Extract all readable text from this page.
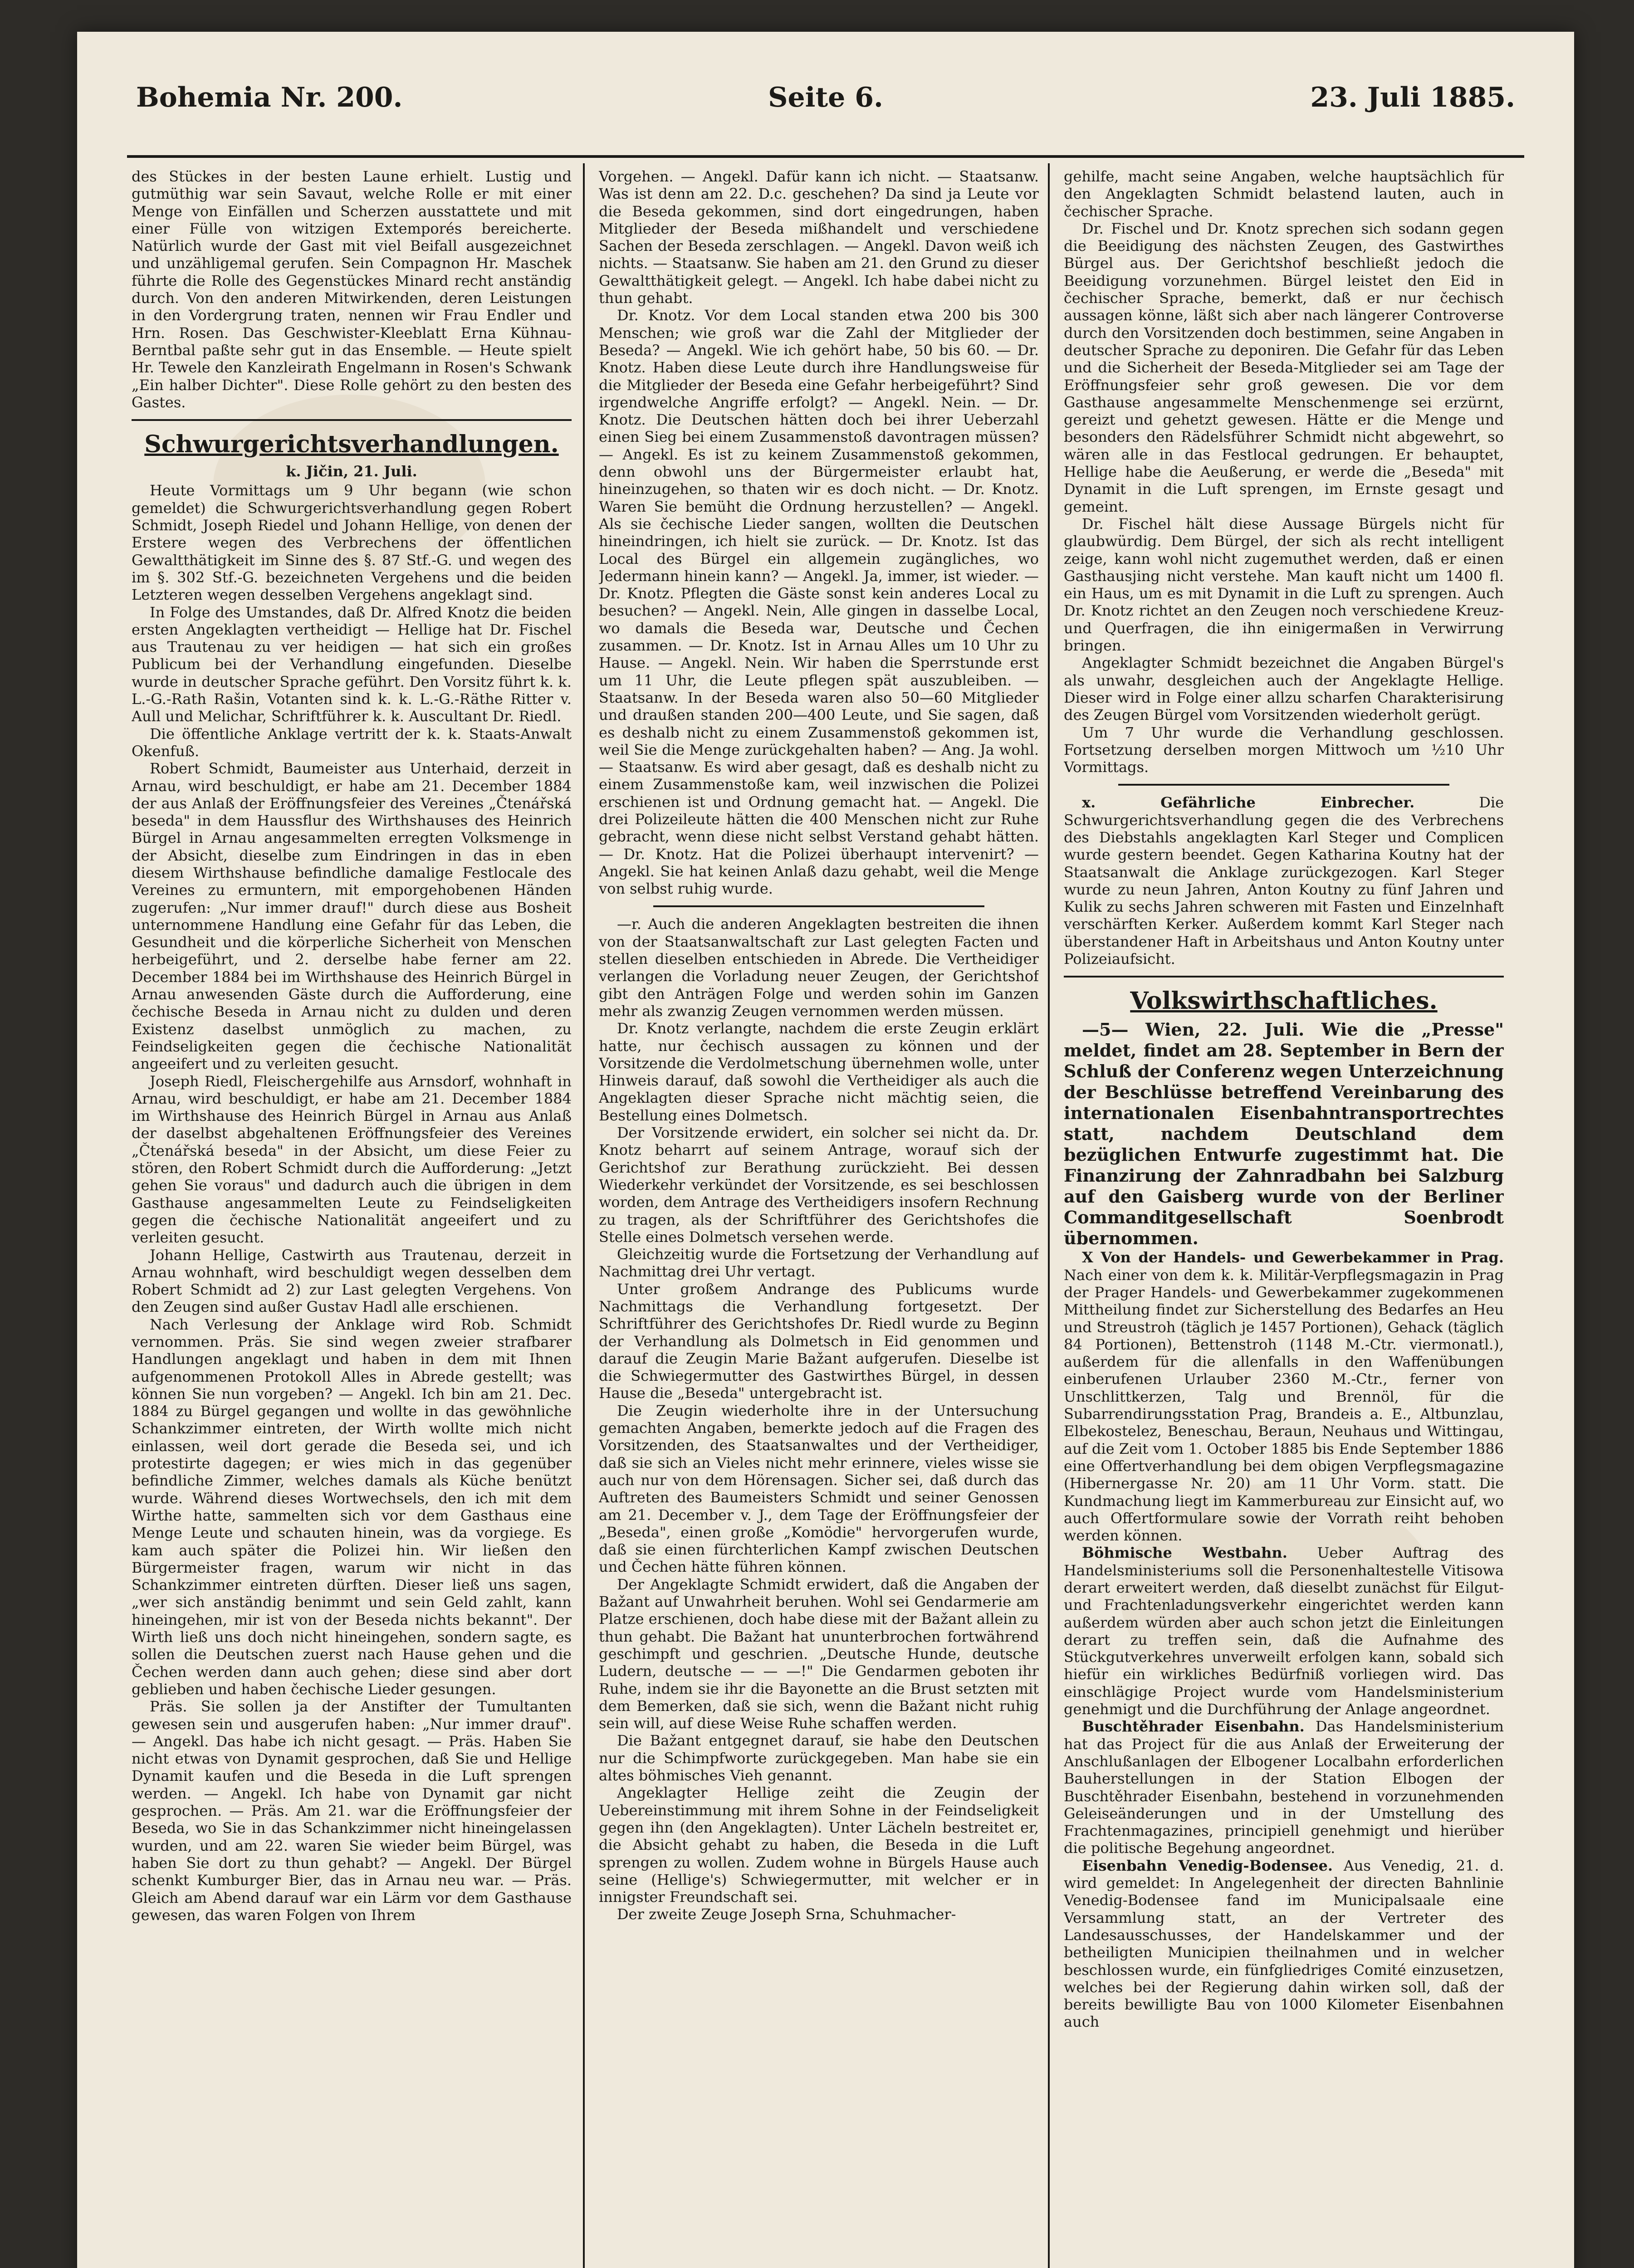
Bohemia Nr. 200.	Seite 6.	23. Juli 1885.

des Stückes in der besten Laune erhielt. Lustig und gutmüthig war sein Savaut, welche Rolle er mit einer Menge von Einfällen und Scherzen ausstattete und mit einer Fülle von witzigen Extemporés bereicherte. Natürlich wurde der Gast mit viel Beifall ausgezeichnet und unzähligemal gerufen. Sein Compagnon Hr. Maschek führte die Rolle des Gegenstückes Minard recht anständig durch. Von den anderen Mitwirkenden, deren Leistungen in den Vordergrung traten, nennen wir Frau Endler und Hrn. Rosen. Das Geschwister-Kleeblatt Erna Kühnau-Berntbal paßte sehr gut in das Ensemble. — Heute spielt Hr. Tewele den Kanzleirath Engelmann in Rosen's Schwank „Ein halber Dichter". Diese Rolle gehört zu den besten des Gastes.

Schwurgerichtsverhandlungen.
k. Jičin, 21. Juli.

Heute Vormittags um 9 Uhr begann (wie schon gemeldet) die Schwurgerichtsverhandlung gegen Robert Schmidt, Joseph Riedel und Johann Hellige, von denen der Erstere wegen des Verbrechens der öffentlichen Gewaltthätigkeit im Sinne des §. 87 Stf.-G. und wegen des im §. 302 Stf.-G. bezeichneten Vergehens und die beiden Letzteren wegen desselben Vergehens angeklagt sind.

In Folge des Umstandes, daß Dr. Alfred Knotz die beiden ersten Angeklagten vertheidigt — Hellige hat Dr. Fischel aus Trautenau zu ver heidigen — hat sich ein großes Publicum bei der Verhandlung eingefunden. Dieselbe wurde in deutscher Sprache geführt. Den Vorsitz führt k. k. L.-G.-Rath Rašin, Votanten sind k. k. L.-G.-Räthe Ritter v. Aull und Melichar, Schriftführer k. k. Auscultant Dr. Riedl.

Die öffentliche Anklage vertritt der k. k. Staats-Anwalt Okenfuß.

Robert Schmidt, Baumeister aus Unterhaid, derzeit in Arnau, wird beschuldigt, er habe am 21. December 1884 der aus Anlaß der Eröffnungsfeier des Vereines „Čtenářská beseda" in dem Haussflur des Wirthshauses des Heinrich Bürgel in Arnau angesammelten erregten Volksmenge in der Absicht, dieselbe zum Eindringen in das in eben diesem Wirthshause befindliche damalige Festlocale des Vereines zu ermuntern, mit emporgehobenen Händen zugerufen: „Nur immer drauf!" durch diese aus Bosheit unternommene Handlung eine Gefahr für das Leben, die Gesundheit und die körperliche Sicherheit von Menschen herbeigeführt, und 2. derselbe habe ferner am 22. December 1884 bei im Wirthshause des Heinrich Bürgel in Arnau anwesenden Gäste durch die Aufforderung, eine čechische Beseda in Arnau nicht zu dulden und deren Existenz daselbst unmöglich zu machen, zu Feindseligkeiten gegen die čechische Nationalität angeeifert und zu verleiten gesucht.

Joseph Riedl, Fleischergehilfe aus Arnsdorf, wohnhaft in Arnau, wird beschuldigt, er habe am 21. December 1884 im Wirthshause des Heinrich Bürgel in Arnau aus Anlaß der daselbst abgehaltenen Eröffnungsfeier des Vereines „Čtenářská beseda" in der Absicht, um diese Feier zu stören, den Robert Schmidt durch die Aufforderung: „Jetzt gehen Sie voraus" und dadurch auch die übrigen in dem Gasthause angesammelten Leute zu Feindseligkeiten gegen die čechische Nationalität angeeifert und zu verleiten gesucht.

Johann Hellige, Castwirth aus Trautenau, derzeit in Arnau wohnhaft, wird beschuldigt wegen desselben dem Robert Schmidt ad 2) zur Last gelegten Vergehens. Von den Zeugen sind außer Gustav Hadl alle erschienen.

Nach Verlesung der Anklage wird Rob. Schmidt vernommen. Präs. Sie sind wegen zweier strafbarer Handlungen angeklagt und haben in dem mit Ihnen aufgenommenen Protokoll Alles in Abrede gestellt; was können Sie nun vorgeben? — Angekl. Ich bin am 21. Dec. 1884 zu Bürgel gegangen und wollte in das gewöhnliche Schankzimmer eintreten, der Wirth wollte mich nicht einlassen, weil dort gerade die Beseda sei, und ich protestirte dagegen; er wies mich in das gegenüber befindliche Zimmer, welches damals als Küche benützt wurde. Während dieses Wortwechsels, den ich mit dem Wirthe hatte, sammelten sich vor dem Gasthaus eine Menge Leute und schauten hinein, was da vorgiege. Es kam auch später die Polizei hin. Wir ließen den Bürgermeister fragen, warum wir nicht in das Schankzimmer eintreten dürften. Dieser ließ uns sagen, „wer sich anständig benimmt und sein Geld zahlt, kann hineingehen, mir ist von der Beseda nichts bekannt". Der Wirth ließ uns doch nicht hineingehen, sondern sagte, es sollen die Deutschen zuerst nach Hause gehen und die Čechen werden dann auch gehen; diese sind aber dort geblieben und haben čechische Lieder gesungen.

Präs. Sie sollen ja der Anstifter der Tumultanten gewesen sein und ausgerufen haben: „Nur immer drauf". — Angekl. Das habe ich nicht gesagt. — Präs. Haben Sie nicht etwas von Dynamit gesprochen, daß Sie und Hellige Dynamit kaufen und die Beseda in die Luft sprengen werden. — Angekl. Ich habe von Dynamit gar nicht gesprochen. — Präs. Am 21. war die Eröffnungsfeier der Beseda, wo Sie in das Schankzimmer nicht hineingelassen wurden, und am 22. waren Sie wieder beim Bürgel, was haben Sie dort zu thun gehabt? — Angekl. Der Bürgel schenkt Kumburger Bier, das in Arnau neu war. — Präs. Gleich am Abend darauf war ein Lärm vor dem Gasthause gewesen, das waren Folgen von Ihrem

Vorgehen. — Angekl. Dafür kann ich nicht. — Staatsanw. Was ist denn am 22. D.c. geschehen? Da sind ja Leute vor die Beseda gekommen, sind dort eingedrungen, haben Mitglieder der Beseda mißhandelt und verschiedene Sachen der Beseda zerschlagen. — Angekl. Davon weiß ich nichts. — Staatsanw. Sie haben am 21. den Grund zu dieser Gewaltthätigkeit gelegt. — Angekl. Ich habe dabei nicht zu thun gehabt.

Dr. Knotz. Vor dem Local standen etwa 200 bis 300 Menschen; wie groß war die Zahl der Mitglieder der Beseda? — Angekl. Wie ich gehört habe, 50 bis 60. — Dr. Knotz. Haben diese Leute durch ihre Handlungsweise für die Mitglieder der Beseda eine Gefahr herbeigeführt? Sind irgendwelche Angriffe erfolgt? — Angekl. Nein. — Dr. Knotz. Die Deutschen hätten doch bei ihrer Ueberzahl einen Sieg bei einem Zusammenstoß davontragen müssen? — Angekl. Es ist zu keinem Zusammenstoß gekommen, denn obwohl uns der Bürgermeister erlaubt hat, hineinzugehen, so thaten wir es doch nicht. — Dr. Knotz. Waren Sie bemüht die Ordnung herzustellen? — Angekl. Als sie čechische Lieder sangen, wollten die Deutschen hineindringen, ich hielt sie zurück. — Dr. Knotz. Ist das Local des Bürgel ein allgemein zugängliches, wo Jedermann hinein kann? — Angekl. Ja, immer, ist wieder. — Dr. Knotz. Pflegten die Gäste sonst kein anderes Local zu besuchen? — Angekl. Nein, Alle gingen in dasselbe Local, wo damals die Beseda war, Deutsche und Čechen zusammen. — Dr. Knotz. Ist in Arnau Alles um 10 Uhr zu Hause. — Angekl. Nein. Wir haben die Sperrstunde erst um 11 Uhr, die Leute pflegen spät auszubleiben. — Staatsanw. In der Beseda waren also 50—60 Mitglieder und draußen standen 200—400 Leute, und Sie sagen, daß es deshalb nicht zu einem Zusammenstoß gekommen ist, weil Sie die Menge zurückgehalten haben? — Ang. Ja wohl. — Staatsanw. Es wird aber gesagt, daß es deshalb nicht zu einem Zusammenstoße kam, weil inzwischen die Polizei erschienen ist und Ordnung gemacht hat. — Angekl. Die drei Polizeileute hätten die 400 Menschen nicht zur Ruhe gebracht, wenn diese nicht selbst Verstand gehabt hätten. — Dr. Knotz. Hat die Polizei überhaupt intervenirt? — Angekl. Sie hat keinen Anlaß dazu gehabt, weil die Menge von selbst ruhig wurde.

—r. Auch die anderen Angeklagten bestreiten die ihnen von der Staatsanwaltschaft zur Last gelegten Facten und stellen dieselben entschieden in Abrede. Die Vertheidiger verlangen die Vorladung neuer Zeugen, der Gerichtshof gibt den Anträgen Folge und werden sohin im Ganzen mehr als zwanzig Zeugen vernommen werden müssen.

Dr. Knotz verlangte, nachdem die erste Zeugin erklärt hatte, nur čechisch aussagen zu können und der Vorsitzende die Verdolmetschung übernehmen wolle, unter Hinweis darauf, daß sowohl die Vertheidiger als auch die Angeklagten dieser Sprache nicht mächtig seien, die Bestellung eines Dolmetsch.

Der Vorsitzende erwidert, ein solcher sei nicht da. Dr. Knotz beharrt auf seinem Antrage, worauf sich der Gerichtshof zur Berathung zurückzieht. Bei dessen Wiederkehr verkündet der Vorsitzende, es sei beschlossen worden, dem Antrage des Vertheidigers insofern Rechnung zu tragen, als der Schriftführer des Gerichtshofes die Stelle eines Dolmetsch versehen werde.

Gleichzeitig wurde die Fortsetzung der Verhandlung auf Nachmittag drei Uhr vertagt.

Unter großem Andrange des Publicums wurde Nachmittags die Verhandlung fortgesetzt. Der Schriftführer des Gerichtshofes Dr. Riedl wurde zu Beginn der Verhandlung als Dolmetsch in Eid genommen und darauf die Zeugin Marie Bažant aufgerufen. Dieselbe ist die Schwiegermutter des Gastwirthes Bürgel, in dessen Hause die „Beseda" untergebracht ist.

Die Zeugin wiederholte ihre in der Untersuchung gemachten Angaben, bemerkte jedoch auf die Fragen des Vorsitzenden, des Staatsanwaltes und der Vertheidiger, daß sie sich an Vieles nicht mehr erinnere, vieles wisse sie auch nur von dem Hörensagen. Sicher sei, daß durch das Auftreten des Baumeisters Schmidt und seiner Genossen am 21. December v. J., dem Tage der Eröffnungsfeier der „Beseda", einen große „Komödie" hervorgerufen wurde, daß sie einen fürchterlichen Kampf zwischen Deutschen und Čechen hätte führen können.

Der Angeklagte Schmidt erwidert, daß die Angaben der Bažant auf Unwahrheit beruhen. Wohl sei Gendarmerie am Platze erschienen, doch habe diese mit der Bažant allein zu thun gehabt. Die Bažant hat ununterbrochen fortwährend geschimpft und geschrien. „Deutsche Hunde, deutsche Ludern, deutsche — — —!" Die Gendarmen geboten ihr Ruhe, indem sie ihr die Bayonette an die Brust setzten mit dem Bemerken, daß sie sich, wenn die Bažant nicht ruhig sein will, auf diese Weise Ruhe schaffen werden.

Die Bažant entgegnet darauf, sie habe den Deutschen nur die Schimpfworte zurückgegeben. Man habe sie ein altes böhmisches Vieh genannt.

Angeklagter Hellige zeiht die Zeugin der Uebereinstimmung mit ihrem Sohne in der Feindseligkeit gegen ihn (den Angeklagten). Unter Lächeln bestreitet er, die Absicht gehabt zu haben, die Beseda in die Luft sprengen zu wollen. Zudem wohne in Bürgels Hause auch seine (Hellige's) Schwiegermutter, mit welcher er in innigster Freundschaft sei.

Der zweite Zeuge Joseph Srna, Schuhmacher-

gehilfe, macht seine Angaben, welche hauptsächlich für den Angeklagten Schmidt belastend lauten, auch in čechischer Sprache.

Dr. Fischel und Dr. Knotz sprechen sich sodann gegen die Beeidigung des nächsten Zeugen, des Gastwirthes Bürgel aus. Der Gerichtshof beschließt jedoch die Beeidigung vorzunehmen. Bürgel leistet den Eid in čechischer Sprache, bemerkt, daß er nur čechisch aussagen könne, läßt sich aber nach längerer Controverse durch den Vorsitzenden doch bestimmen, seine Angaben in deutscher Sprache zu deponiren. Die Gefahr für das Leben und die Sicherheit der Beseda-Mitglieder sei am Tage der Eröffnungsfeier sehr groß gewesen. Die vor dem Gasthause angesammelte Menschenmenge sei erzürnt, gereizt und gehetzt gewesen. Hätte er die Menge und besonders den Rädelsführer Schmidt nicht abgewehrt, so wären alle in das Festlocal gedrungen. Er behauptet, Hellige habe die Aeußerung, er werde die „Beseda" mit Dynamit in die Luft sprengen, im Ernste gesagt und gemeint.

Dr. Fischel hält diese Aussage Bürgels nicht für glaubwürdig. Dem Bürgel, der sich als recht intelligent zeige, kann wohl nicht zugemuthet werden, daß er einen Gasthausjing nicht verstehe. Man kauft nicht um 1400 fl. ein Haus, um es mit Dynamit in die Luft zu sprengen. Auch Dr. Knotz richtet an den Zeugen noch verschiedene Kreuz- und Querfragen, die ihn einigermaßen in Verwirrung bringen.

Angeklagter Schmidt bezeichnet die Angaben Bürgel's als unwahr, desgleichen auch der Angeklagte Hellige. Dieser wird in Folge einer allzu scharfen Charakterisirung des Zeugen Bürgel vom Vorsitzenden wiederholt gerügt.

Um 7 Uhr wurde die Verhandlung geschlossen. Fortsetzung derselben morgen Mittwoch um ½10 Uhr Vormittags.

x. Gefährliche Einbrecher.	Die Schwurgerichtsverhandlung gegen die des Verbrechens des Diebstahls angeklagten Karl Steger und Complicen wurde gestern beendet. Gegen Katharina Koutny hat der Staatsanwalt die Anklage zurückgezogen. Karl Steger wurde zu neun Jahren, Anton Koutny zu fünf Jahren und Kulik zu sechs Jahren schweren mit Fasten und Einzelnhaft verschärften Kerker. Außerdem kommt Karl Steger nach überstandener Haft in Arbeitshaus und Anton Koutny unter Polizeiaufsicht.

Volkswirthschaftliches.

—5— Wien, 22. Juli. Wie die „Presse" meldet, findet am 28. September in Bern der Schluß der Conferenz wegen Unterzeichnung der Beschlüsse betreffend Vereinbarung des internationalen Eisenbahntransportrechtes statt, nachdem Deutschland dem bezüglichen Entwurfe zugestimmt hat. Die Finanzirung der Zahnradbahn bei Salzburg auf den Gaisberg wurde von der Berliner Commanditgesellschaft Soenbrodt übernommen.

X Von der Handels- und Gewerbekammer in Prag. Nach einer von dem k. k. Militär-Verpflegsmagazin in Prag der Prager Handels- und Gewerbekammer zugekommenen Mittheilung findet zur Sicherstellung des Bedarfes an Heu und Streustroh (täglich je 1457 Portionen), Gehack (täglich 84 Portionen), Bettenstroh (1148 M.-Ctr. viermonatl.), außerdem für die allenfalls in den Waffenübungen einberufenen Urlauber 2360 M.-Ctr., ferner von Unschlittkerzen, Talg und Brennöl, für die Subarrendirungsstation Prag, Brandeis a. E., Altbunzlau, Elbekostelez, Beneschau, Beraun, Neuhaus und Wittingau, auf die Zeit vom 1. October 1885 bis Ende September 1886 eine Offertverhandlung bei dem obigen Verpflegsmagazine (Hibernergasse Nr. 20) am 11 Uhr Vorm. statt. Die Kundmachung liegt im Kammerbureau zur Einsicht auf, wo auch Offertformulare sowie der Vorrath reiht behoben werden können.

Böhmische Westbahn. Ueber Auftrag des Handelsministeriums soll die Personenhaltestelle Vitisowa derart erweitert werden, daß dieselbt zunächst für Eilgut- und Frachtenladungsverkehr eingerichtet werden kann außerdem würden aber auch schon jetzt die Einleitungen derart zu treffen sein, daß die Aufnahme des Stückgutverkehres unverweilt erfolgen kann, sobald sich hiefür ein wirkliches Bedürfniß vorliegen wird. Das einschlägige Project wurde vom Handelsministerium genehmigt und die Durchführung der Anlage angeordnet.

Buschtěhrader Eisenbahn. Das Handelsministerium hat das Project für die aus Anlaß der Erweiterung der Anschlußanlagen der Elbogener Localbahn erforderlichen Bauherstellungen in der Station Elbogen der Buschtěhrader Eisenbahn, bestehend in vorzunehmenden Geleiseänderungen und in der Umstellung des Frachtenmagazines, principiell genehmigt und hierüber die politische Begehung angeordnet.

Eisenbahn Venedig-Bodensee. Aus Venedig, 21. d. wird gemeldet: In Angelegenheit der directen Bahnlinie Venedig-Bodensee fand im Municipalsaale eine Versammlung statt, an der Vertreter des Landesausschusses, der Handelskammer und der betheiligten Municipien theilnahmen und in welcher beschlossen wurde, ein fünfgliedriges Comité einzusetzen, welches bei der Regierung dahin wirken soll, daß der bereits bewilligte Bau von 1000 Kilometer Eisenbahnen auch
